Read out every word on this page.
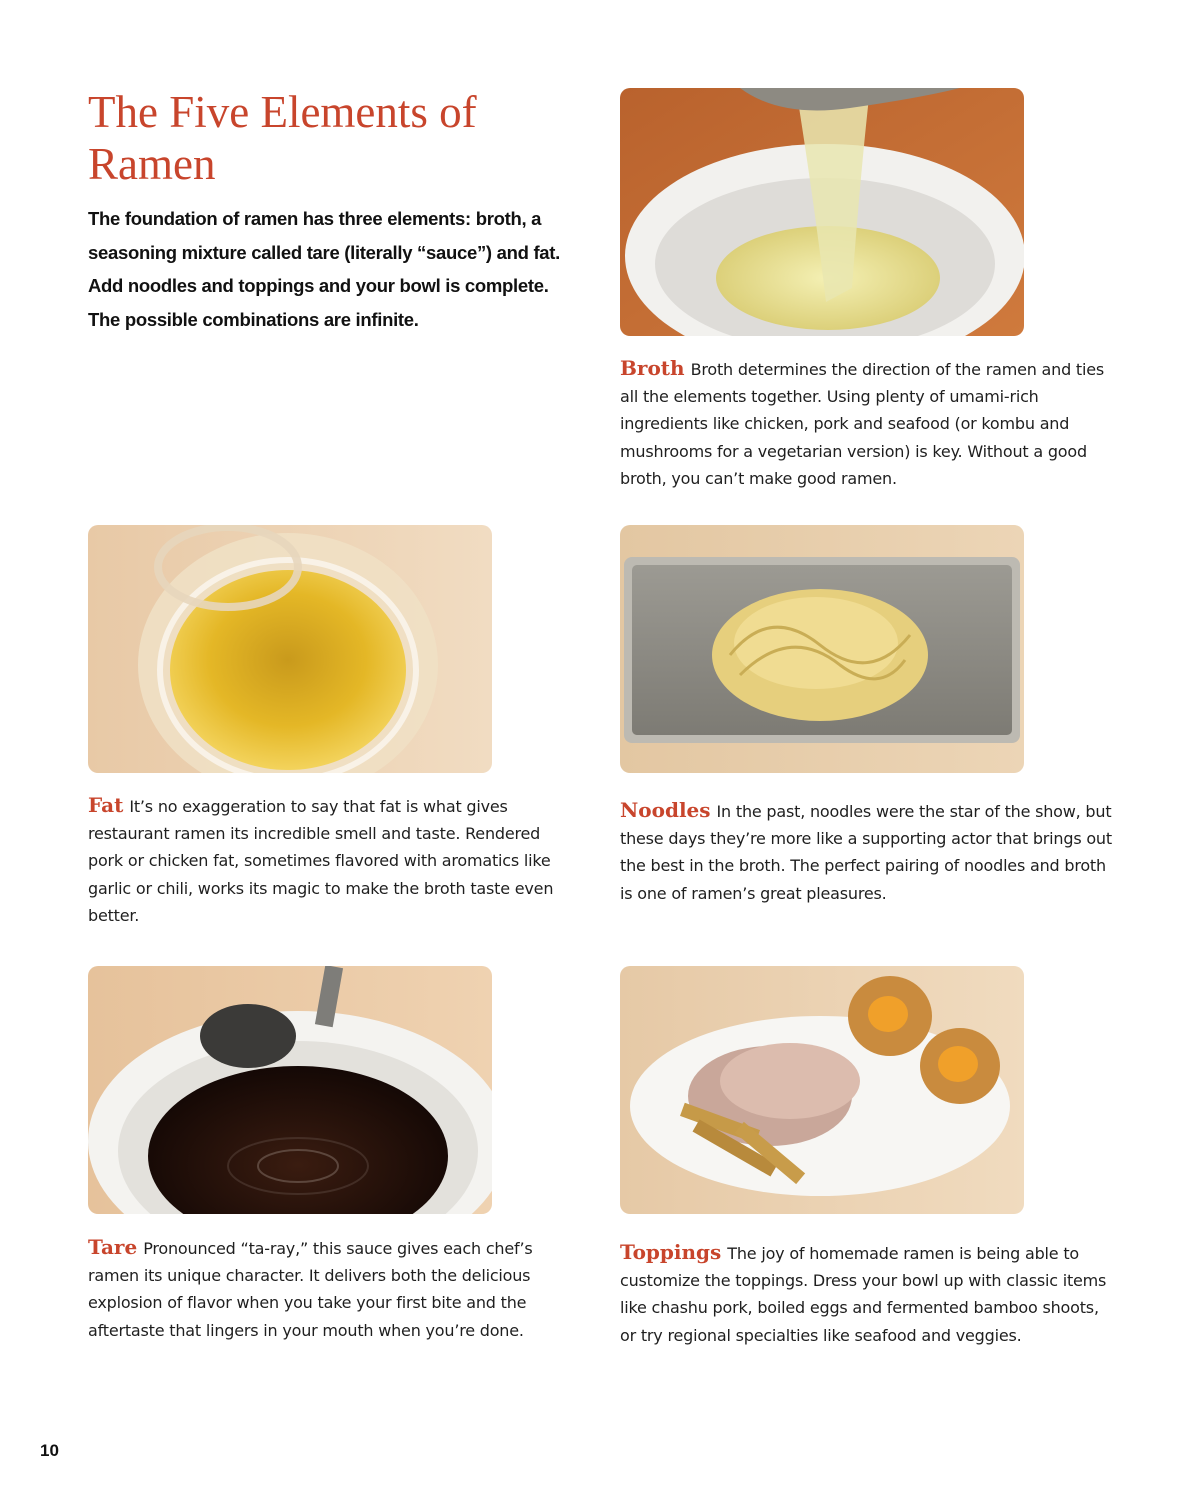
The Five Elements of Ramen

The foundation of ramen has three elements: broth, a seasoning mixture called tare (literally “sauce”) and fat. Add noodles and toppings and your bowl is complete. The possible combinations are infinite.

Broth Broth determines the direction of the ramen and ties all the elements together. Using plenty of umami-rich ingredients like chicken, pork and seafood (or kombu and mushrooms for a vegetarian version) is key. Without a good broth, you can’t make good ramen.

Fat It’s no exaggeration to say that fat is what gives restaurant ramen its incredible smell and taste. Rendered pork or chicken fat, sometimes flavored with aromatics like garlic or chili, works its magic to make the broth taste even better.

Noodles In the past, noodles were the star of the show, but these days they’re more like a supporting actor that brings out the best in the broth. The perfect pairing of noodles and broth is one of ramen’s great pleasures.

Tare Pronounced “ta-ray,” this sauce gives each chef’s ramen its unique character. It delivers both the delicious explosion of flavor when you take your first bite and the aftertaste that lingers in your mouth when you’re done.

Toppings The joy of homemade ramen is being able to customize the toppings. Dress your bowl up with classic items like chashu pork, boiled eggs and fermented bamboo shoots, or try regional specialties like seafood and veggies.

10
